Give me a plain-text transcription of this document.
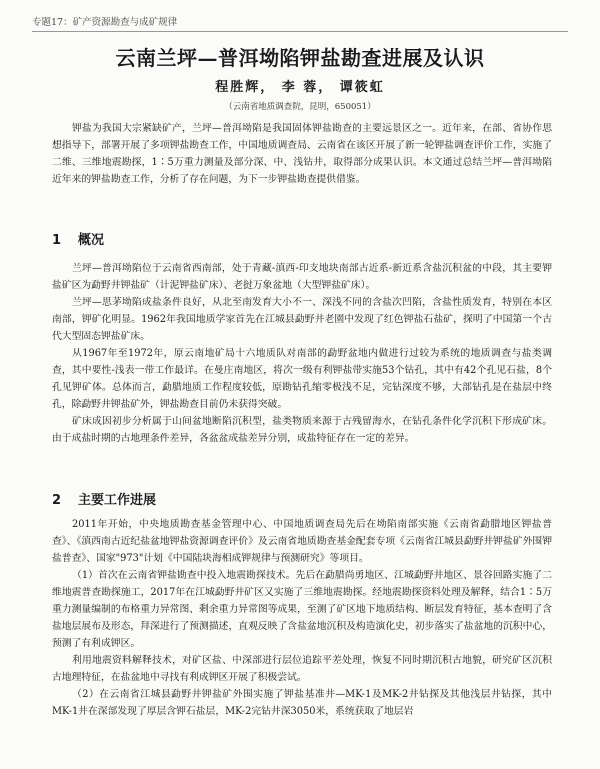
专题17：矿产资源勘查与成矿规律
云南兰坪—普洱坳陷钾盐勘查进展及认识
程胜辉， 李 蓉， 谭筱虹
（云南省地质调查院，昆明，650051）

钾盐为我国大宗紧缺矿产，兰坪—普洱坳陷是我国固体钾盐勘查的主要远景区之一。近年来，在部、省协作思想指导下，部署开展了多项钾盐勘查工作，中国地质调查局、云南省在该区开展了新一轮钾盐调查评价工作，实施了二维、三维地震勘探，1∶5万重力测量及部分深、中、浅钻井，取得部分成果认识。本文通过总结兰坪—普洱坳陷近年来的钾盐勘查工作，分析了存在问题，为下一步钾盐勘查提供借鉴。

1 概况

兰坪—普洱坳陷位于云南省西南部，处于青藏-滇西-印支地块南部古近系-新近系含盐沉积盆的中段，其主要钾盐矿区为勐野井钾盐矿（计泥钾盐矿床）、老挝万象盆地（大型钾盐矿床）。

兰坪—思茅坳陷成盐条件良好，从北至南发育大小不一、深浅不同的含盐次凹陷，含盐性质发育，特别在本区南部，钾矿化明显。1962年我国地质学家首先在江城县勐野井老園中发现了红色钾盐石盐矿，探明了中国第一个古代大型固态钾盐矿床。

从1967年至1972年，原云南地矿局十六地质队对南部的勐野盆地内做进行过较为系统的地质调查与盐类调查，其中要性-浅表一带工作最详。在曼庄南地区，将次一级有利钾盐带实施53个钻孔，其中有42个孔见石盐，8个孔见钾矿体。总体而言，勐腊地质工作程度较低，原勘钻孔缩零极浅不足，完钻深度不够，大部钻孔是在盐层中终孔，除勐野井钾盐矿外，钾盐勘查目前仍未获得突破。

矿床成因初步分析属于山间盆地断陷沉积型，盐类物质来源于古残留海水，在钻孔条件化学沉积下形成矿床。由于成盐时期的古地理条件差异，各盆盆成盐差异分别，成盐特征存在一定的差异。

2 主要工作进展

2011年开始，中央地质勘查基金管理中心、中国地质调查局先后在坳陷南部实施《云南省勐腊地区钾盐普查》、《滇西南古近纪盐盆地钾盐资源调查评价》及云南省地质勘查基金配套专项《云南省江城县勐野井钾盐矿外围钾盐普查》、国家"973"计划《中国陆块海相成钾规律与预测研究》等项目。

（1）首次在云南省钾盐勘查中投入地震勘探技术。先后在勐腊尚勇地区、江城勐野井地区、景谷回路实施了二维地震普查勘探施工，2017年在江城勐野井矿区又实施了三维地震勘探。经地震勘探资料处理及解释，结合1∶5万重力测量编制的布格重力异常图、剩余重力异常图等成果，至测了矿区地下地质结构、断层发育特征，基本查明了含盐地层展布及形态，拜深进行了预测描述，直观反映了含盐盆地沉积及构造演化史，初步落实了盐盆地的沉积中心，预测了有利成钾区。

利用地震资料解释技术，对矿区盐、中深部进行层位追踪平差处理，恢复不同时期沉积古地貌，研究矿区沉积古地理特征，在盐盆地中寻找有利成钾区开展了积极尝试。

（2）在云南省江城县勐野井钾盐矿外围实施了钾盐基准井—MK-1及MK-2井钻探及其他浅层井钻探，其中MK-1井在深部发现了厚层含钾石盐层，MK-2完钻井深3050米，系统获取了地层岩
